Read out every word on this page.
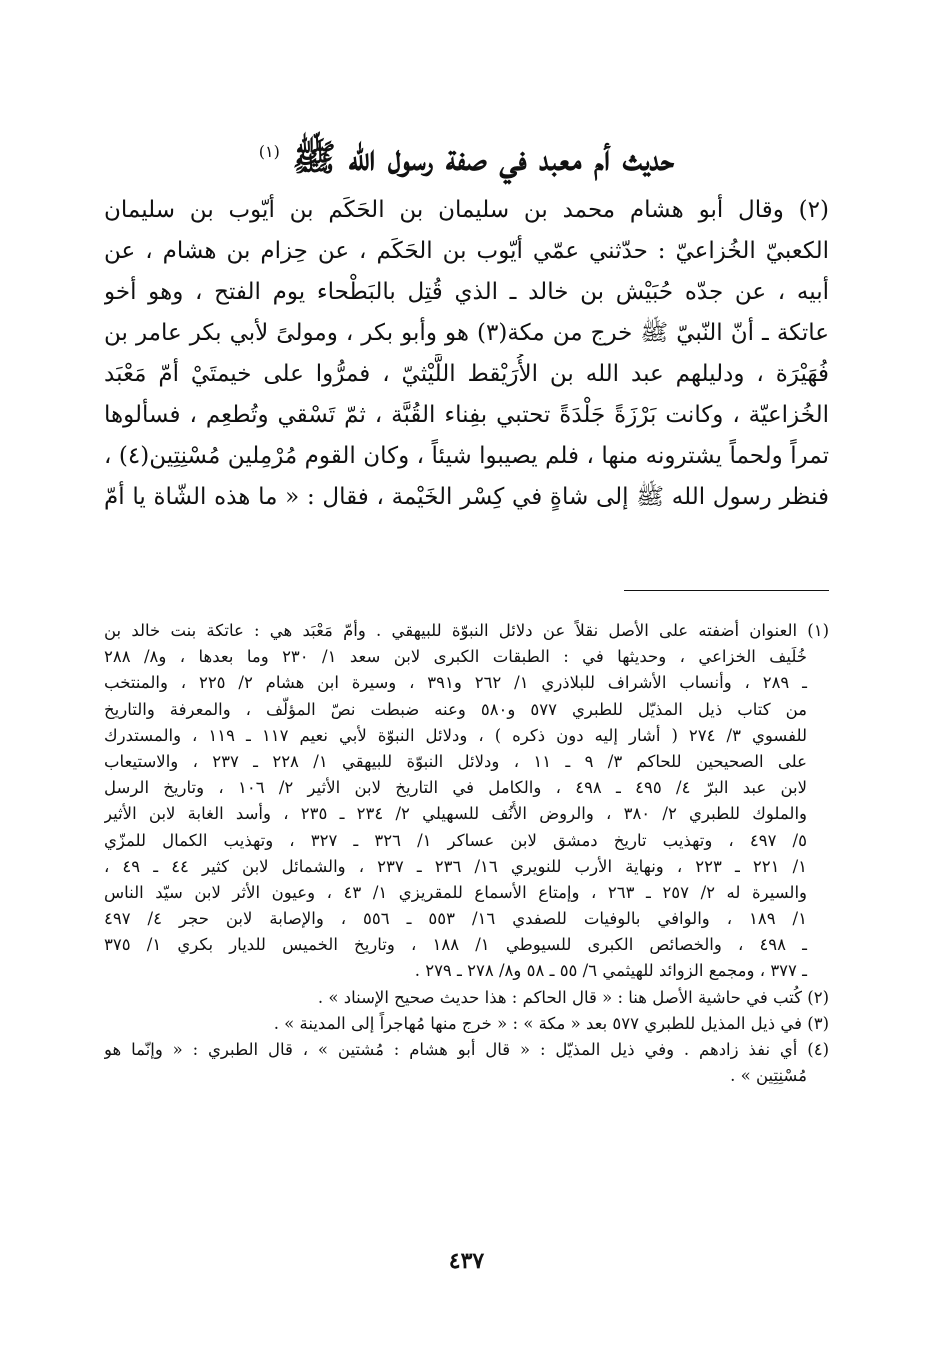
حديث أم معبد في صفة رسول الله ﷺ $^{(١)}$
(٢) وقال أبو هشام محمد بن سليمان بن الحَكَم بن أيّوب بن سليمان
الكعبيّ الخُزاعيّ : حدّثني عمّي أيّوب بن الحَكَم ، عن حِزام بن هشام ، عن
أبيه ، عن جدّه حُبَيْش بن خالد ـ الذي قُتِل بالبَطْحاء يوم الفتح ، وهو أخو
عاتكة ـ أنّ النّبيّ ﷺ خرج من مكة(٣) هو وأبو بكر ، ومولىً لأبي بكر عامر بن
فُهَيْرَة ، ودليلهم عبد الله بن الأُرَيْقط اللَّيْثيّ ، فمرُّوا على خيمتَيْ أمّ مَعْبَد
الخُزاعيّة ، وكانت بَرْزَةً جَلْدَةً تحتبي بفِناء القُبَّة ، ثمّ تَسْقي وتُطعِم ، فسألوها
تمراً ولحماً يشترونه منها ، فلم يصيبوا شيئاً ، وكان القوم مُرْمِلين مُسْنِتِين(٤) ،
فنظر رسول الله ﷺ إلى شاةٍ في كِسْر الخَيْمة ، فقال : « ما هذه الشّاة يا أمّ
(١) العنوان أضفته على الأصل نقلاً عن دلائل النبوّة للبيهقي . وأمّ مَعْبَد هي : عاتكة بنت خالد بن
خُلَيف الخزاعي ، وحديثها في : الطبقات الكبرى لابن سعد ١/ ٢٣٠ وما بعدها ، و٨/ ٢٨٨
ـ ٢٨٩ ، وأنساب الأشراف للبلاذري ١/ ٢٦٢ و٣٩١ ، وسيرة ابن هشام ٢/ ٢٢٥ ، والمنتخب
من كتاب ذيل المذيّل للطبري ٥٧٧ و٥٨٠ وعنه ضبطت نصّ المؤلّف ، والمعرفة والتاريخ
للفسوي ٣/ ٢٧٤ ( أشار إليه دون ذكره ) ، ودلائل النبوّة لأبي نعيم ١١٧ ـ ١١٩ ، والمستدرك
على الصحيحين للحاكم ٣/ ٩ ـ ١١ ، ودلائل النبوّة للبيهقي ١/ ٢٢٨ ـ ٢٣٧ ، والاستيعاب
لابن عبد البرّ ٤/ ٤٩٥ ـ ٤٩٨ ، والكامل في التاريخ لابن الأثير ٢/ ١٠٦ ، وتاريخ الرسل
والملوك للطبري ٢/ ٣٨٠ ، والروض الأُنُف للسهيلي ٢/ ٢٣٤ ـ ٢٣٥ ، وأسد الغابة لابن الأثير
٥/ ٤٩٧ ، وتهذيب تاريخ دمشق لابن عساكر ١/ ٣٢٦ ـ ٣٢٧ ، وتهذيب الكمال للمزّي
١/ ٢٢١ ـ ٢٢٣ ، ونهاية الأرب للنويري ١٦/ ٢٣٦ ـ ٢٣٧ ، والشمائل لابن كثير ٤٤ ـ ٤٩ ،
والسيرة له ٢/ ٢٥٧ ـ ٢٦٣ ، وإمتاع الأسماع للمقريزي ١/ ٤٣ ، وعيون الأثر لابن سيّد الناس
١/ ١٨٩ ، والوافي بالوفيات للصفدي ١٦/ ٥٥٣ ـ ٥٥٦ ، والإصابة لابن حجر ٤/ ٤٩٧
ـ ٤٩٨ ، والخصائص الكبرى للسيوطي ١/ ١٨٨ ، وتاريخ الخميس للديار بكري ١/ ٣٧٥
ـ ٣٧٧ ، ومجمع الزوائد للهيثمي ٦/ ٥٥ ـ ٥٨ و٨/ ٢٧٨ ـ ٢٧٩ .
(٢) كُتب في حاشية الأصل هنا : « قال الحاكم : هذا حديث صحيح الإسناد » .
(٣) في ذيل المذيل للطبري ٥٧٧ بعد « مكة » : « خرج منها مُهاجراً إلى المدينة » .
(٤) أي نفذ زادهم . وفي ذيل المذيّل : « قال أبو هشام : مُشتين » ، قال الطبري : « وإنّما هو
مُسْنِتِين » .
٤٣٧
